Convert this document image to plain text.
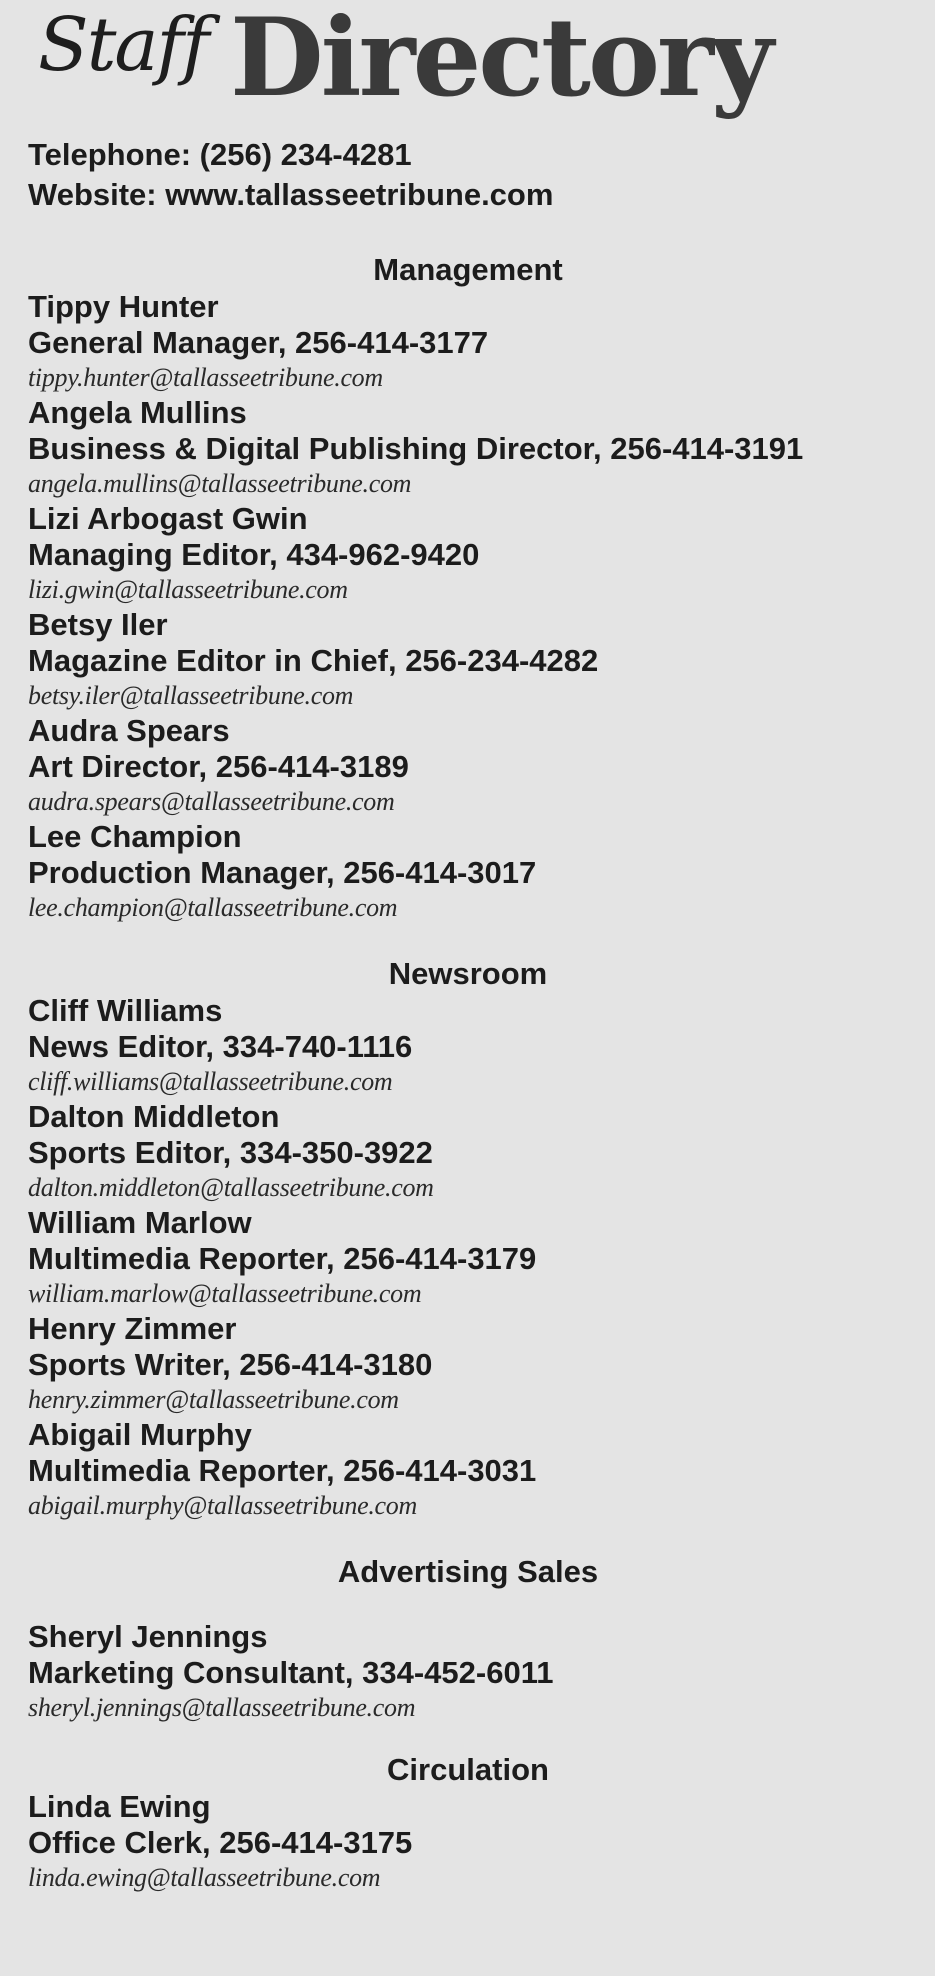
Staff Directory
Telephone: (256) 234-4281
Website: www.tallasseetribune.com
Management
Tippy Hunter
General Manager, 256-414-3177
tippy.hunter@tallasseetribune.com
Angela Mullins
Business & Digital Publishing Director, 256-414-3191
angela.mullins@tallasseetribune.com
Lizi Arbogast Gwin
Managing Editor, 434-962-9420
lizi.gwin@tallasseetribune.com
Betsy Iler
Magazine Editor in Chief, 256-234-4282
betsy.iler@tallasseetribune.com
Audra Spears
Art Director, 256-414-3189
audra.spears@tallasseetribune.com
Lee Champion
Production Manager, 256-414-3017
lee.champion@tallasseetribune.com
Newsroom
Cliff Williams
News Editor, 334-740-1116
cliff.williams@tallasseetribune.com
Dalton Middleton
Sports Editor, 334-350-3922
dalton.middleton@tallasseetribune.com
William Marlow
Multimedia Reporter, 256-414-3179
william.marlow@tallasseetribune.com
Henry Zimmer
Sports Writer, 256-414-3180
henry.zimmer@tallasseetribune.com
Abigail Murphy
Multimedia Reporter, 256-414-3031
abigail.murphy@tallasseetribune.com
Advertising Sales
Sheryl Jennings
Marketing Consultant, 334-452-6011
sheryl.jennings@tallasseetribune.com
Circulation
Linda Ewing
Office Clerk, 256-414-3175
linda.ewing@tallasseetribune.com
